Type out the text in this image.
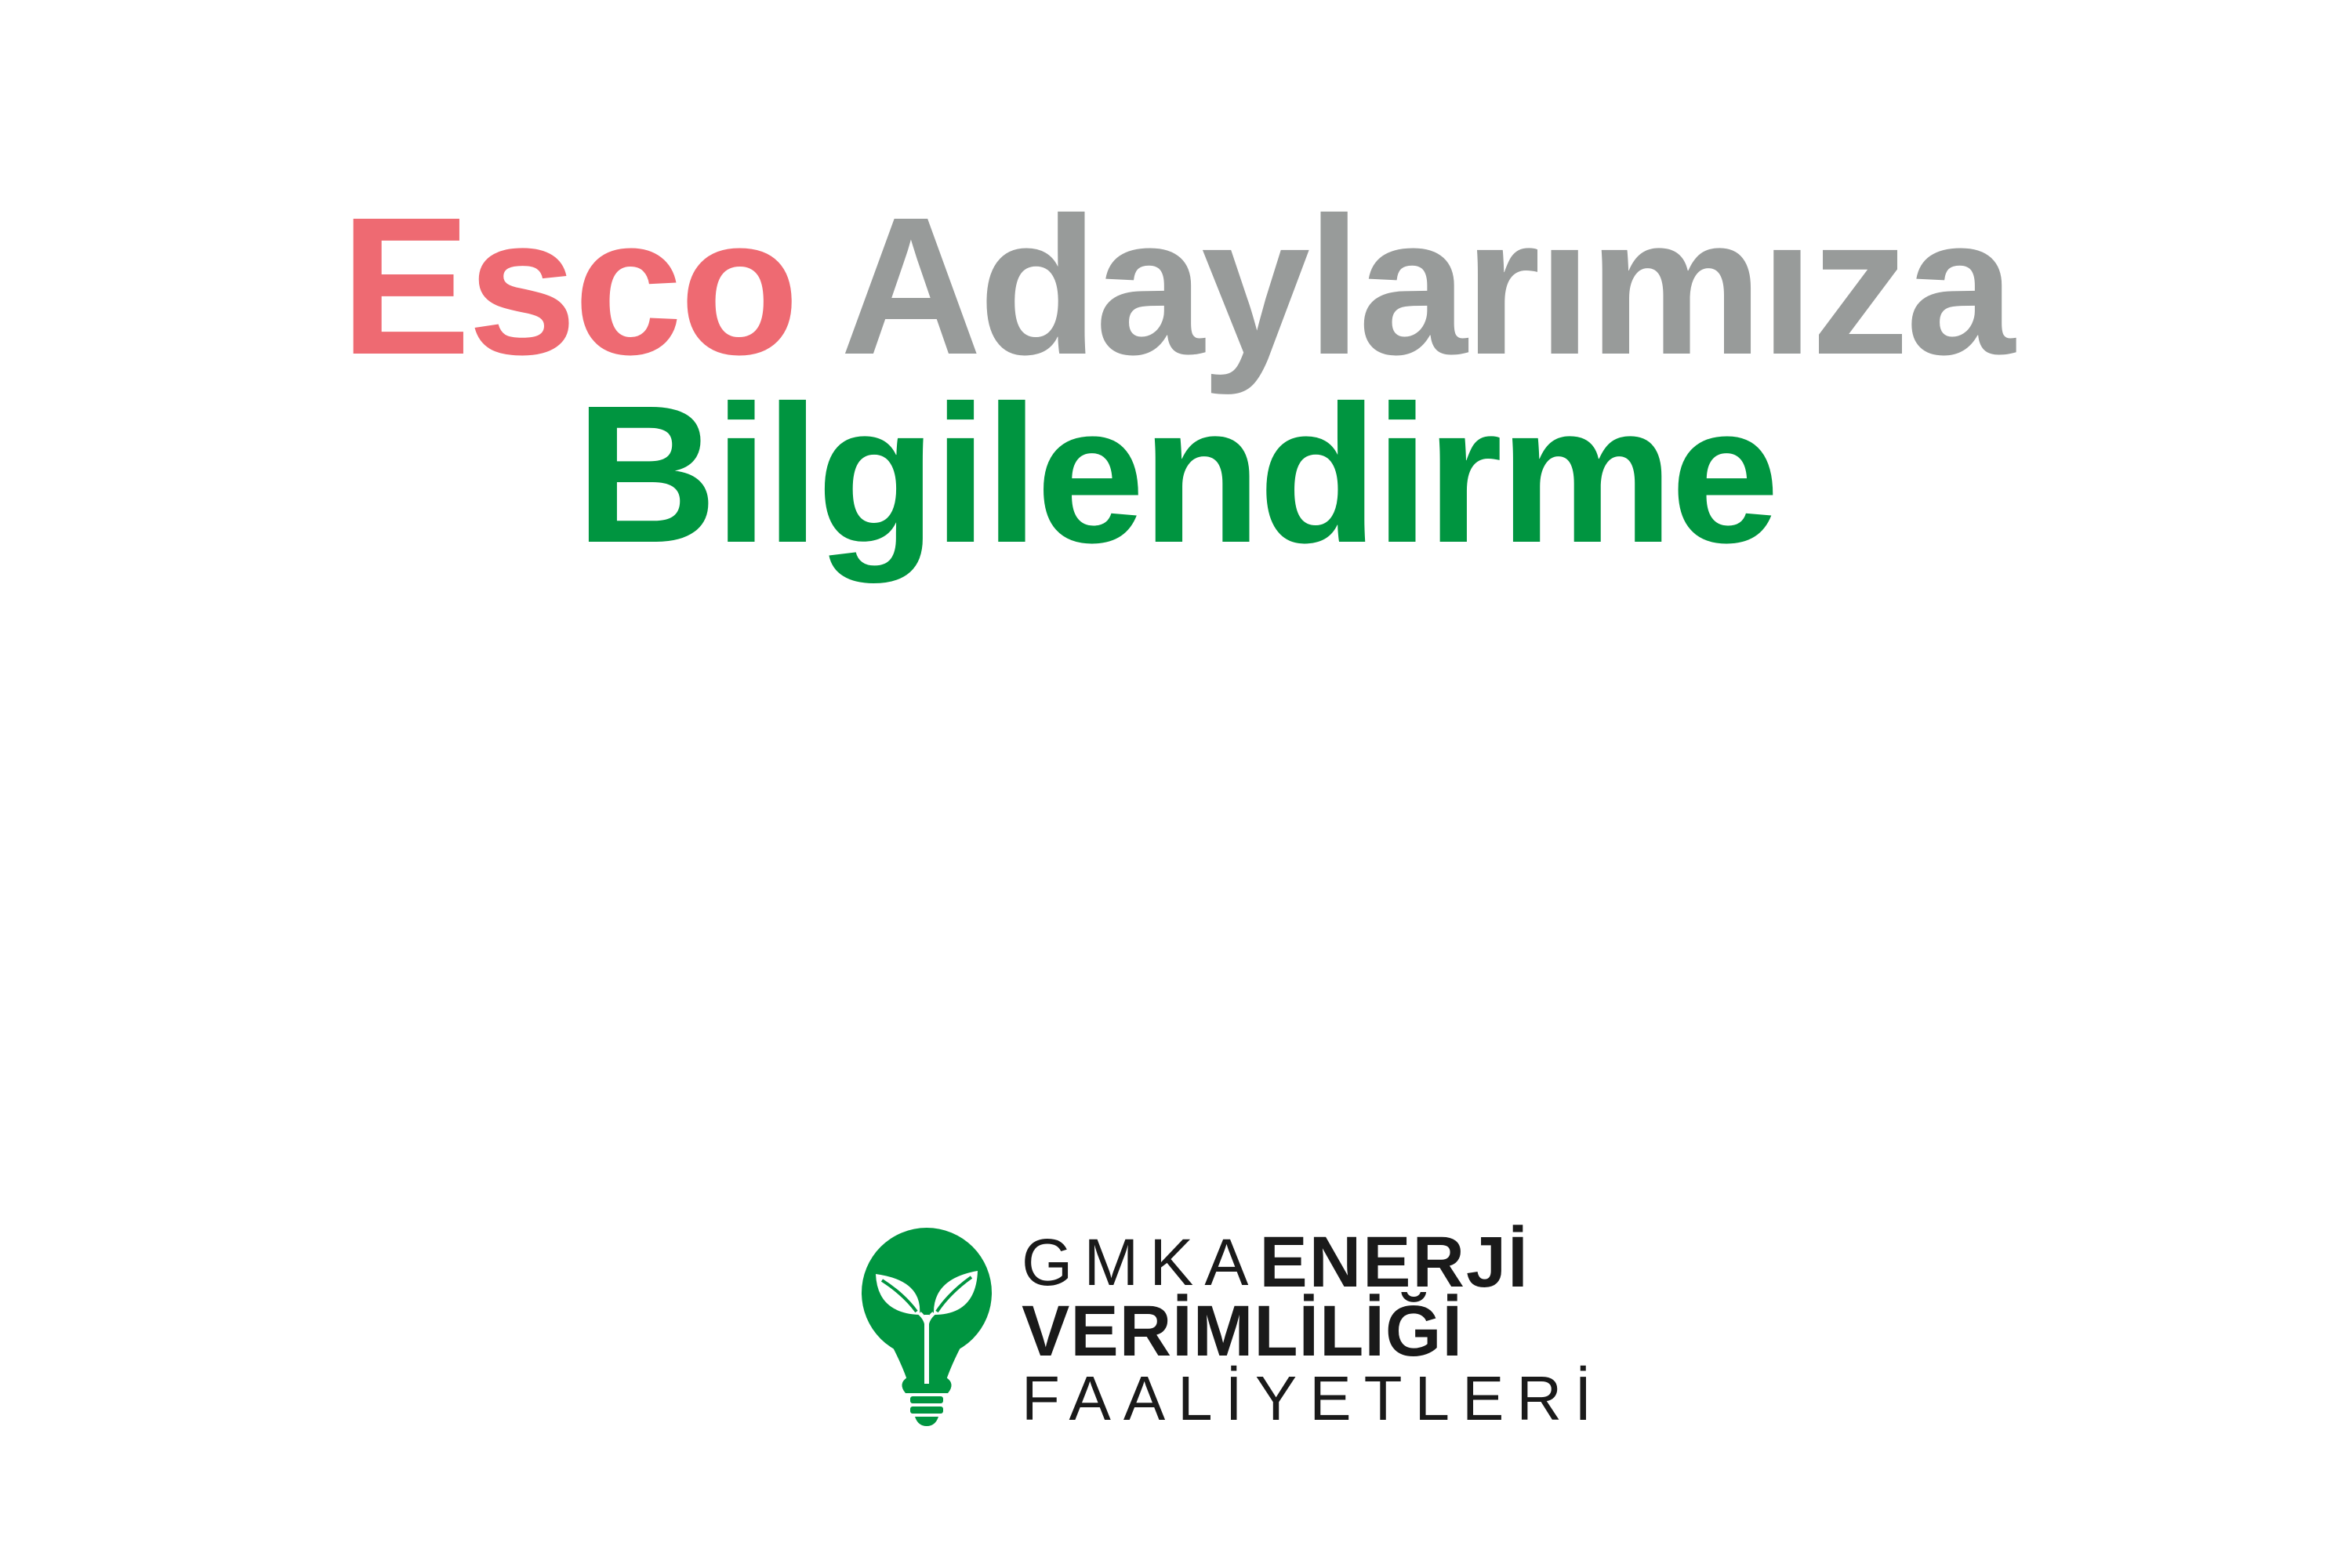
Esco Adaylarımıza
Bilgilendirme
GMKAENERJİ
VERİMLİLİĞİ
FAALİYETLERİ
